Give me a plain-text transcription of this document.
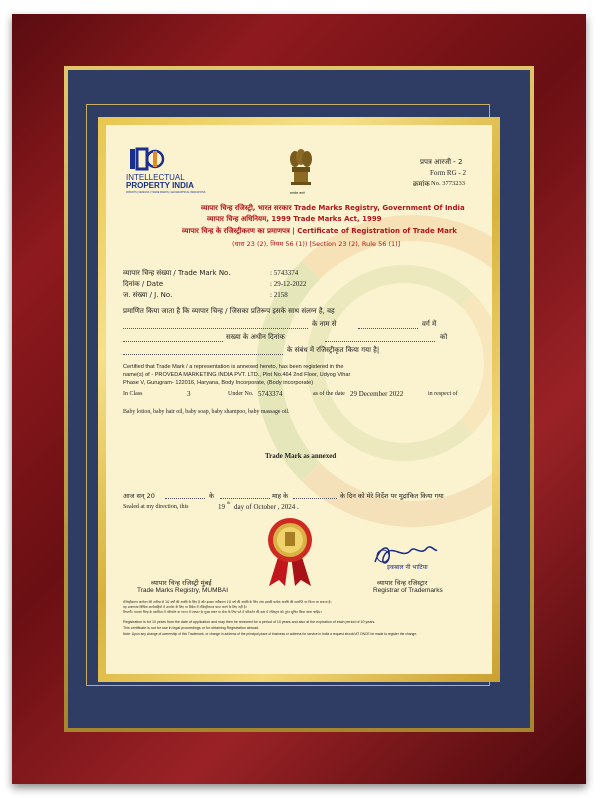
INTELLECTUAL
PROPERTY INDIA
PATENTS | DESIGNS | TRADE MARKS | GEOGRAPHICAL INDICATIONS	सत्यमेव जयते
प्रपत्र आरजी - 2
Form RG - 2
क्रमांक No. 3773233
व्यापार चिन्ह रजिस्ट्री, भारत सरकार Trade Marks Registry, Government Of India
व्यापार चिन्ह अधिनियम, 1999 Trade Marks Act, 1999
व्यापार चिन्ह के रजिस्ट्रीकरण का प्रमाणपत्र | Certificate of Registration of Trade Mark
(धारा 23 (2), नियम 56 (1)) [Section 23 (2), Rule 56 (1)]
व्यापार चिन्ह संख्या / Trade Mark No.	: 5743374
दिनांक / Date	: 29-12-2022
ज. संख्या / J. No.	: 2158
प्रमाणित किया जाता है कि व्यापार चिन्ह / जिसका प्रतिरूप इसके साथ संलग्न है, वह
के नाम से	वर्ग में
सख्या के अधीन दिनांक	को
के संबंध में रजिस्ट्रीकृत किया गया है|
Certified that Trade Mark / a representation is annexed hereto, has been registered in the
name(s) of - PROVEDA MARKETING INDIA PVT. LTD., Plot No.464 2nd Floor, Udyog Vihar
Phase V, Gurugram- 122016, Haryana, Body Incorporate, (Body incorporate)
In Class	3	Under No. 5743374	as of the date 29 December 2022	in respect of
Baby lotion, baby hair oil, baby soap, baby shampoo, baby massage oil.
Trade Mark as annexed
आज सन् 20	के	माह के	के दिन को मेरे निर्देश पर मुद्रांकित किया गया
Sealed at my direction, this	19
th
day of October , 2024 .
इकबाल नी भाटिया
व्यापार चिन्ह रजिस्ट्री मुंबई
Trade Marks Registry, MUMBAI
व्यापार चिन्ह रजिस्ट्रार
Registrar of Trademarks
रजिस्ट्रीकरण आवेदन की तारीख से 10 वर्षों की अवधि के लिए है और इसका नवीकरण 10 वर्ष की अवधि के लिए तथा इसकी प्रत्येक अवधि की समाप्ति पर किया जा सकता है।
यह प्रमाणपत्र विधिक कार्यवाहियों में उपयोग के लिए या विदेश में रजिस्ट्रीकरण प्राप्त करने के लिए नहीं है।
टिप्पणी: व्यापार चिन्ह के स्वामित्व में परिवर्तन या भारत में व्यापार के मुख्य स्थान या सेवा के लिए पते में परिवर्तन की दशा में रजिस्ट्रार को तुरंत सूचित किया जाना चाहिए।
Registration is for 10 years from the date of application and may then be renewed for a period of 10 years and also at the expiration of each period of 10 years.
This certificate is not for use in legal proceedings or for obtaining Registration abroad.
Note: Upon any change of ownership of this Trademark, or change in address of the principal place of business or address for service in India a request should AT ONCE be made to register the change.
